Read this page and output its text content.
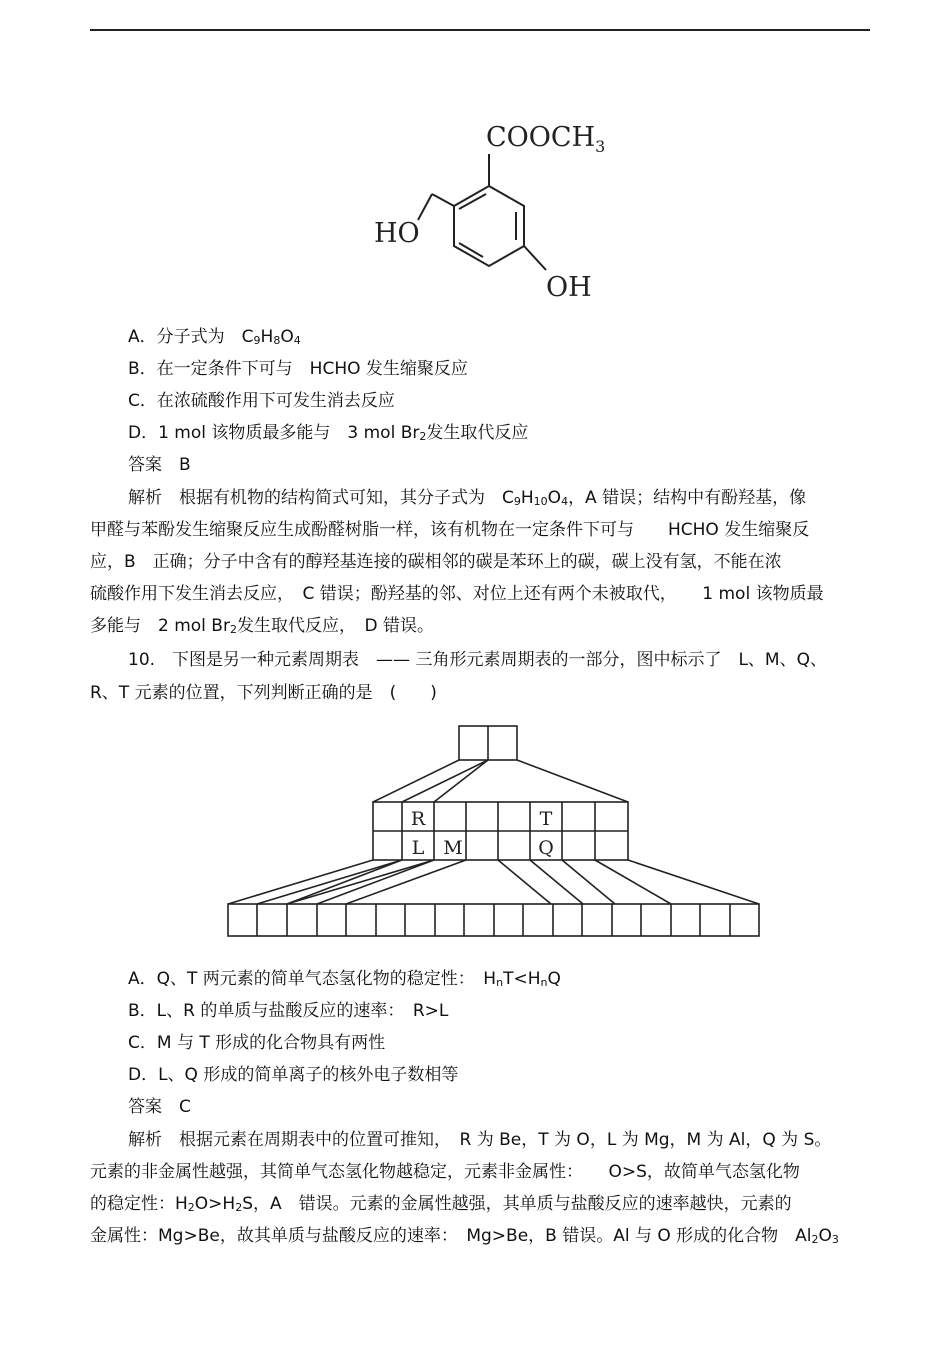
$COOCH_3$
HO
OH
A．分子式为　 $C_9H_8O_4$
B．在一定条件下可与　HCHO 发生缩聚反应
C．在浓硫酸作用下可发生消去反应
D．1 mol 该物质最多能与　3 mol $Br_2$发生取代反应
答案　B
解析　根据有机物的结构简式可知，其分子式为　$C_9H_{10}O_4$，A 错误；结构中有酚羟基，像
甲醛与苯酚发生缩聚反应生成酚醛树脂一样，该有机物在一定条件下可与　　HCHO 发生缩聚反
应，B　正确；分子中含有的醇羟基连接的碳相邻的碳是苯环上的碳，碳上没有氢，不能在浓
硫酸作用下发生消去反应，　C 错误；酚羟基的邻、对位上还有两个未被取代，　　1 mol 该物质最
多能与　2 mol $Br_2$发生取代反应，　D 错误。
10.　下图是另一种元素周期表　—— 三角形元素周期表的一部分，图中标示了　L、M、Q、
R、T 元素的位置，下列判断正确的是　(　　)
R	T
L M	Q
A．Q、T 两元素的简单气态氢化物的稳定性：　$H_nT<H_nQ$
B．L、R 的单质与盐酸反应的速率：　R>L
C．M 与 T 形成的化合物具有两性
D．L、Q 形成的简单离子的核外电子数相等
答案　C
解析　根据元素在周期表中的位置可推知，　R 为 Be，T 为 O，L 为 Mg，M 为 Al，Q 为 S。
元素的非金属性越强，其简单气态氢化物越稳定，元素非金属性：　　O>S，故简单气态氢化物
的稳定性：$H_2O>H_2S$，A　错误。元素的金属性越强，其单质与盐酸反应的速率越快，元素的
金属性：Mg>Be，故其单质与盐酸反应的速率：　Mg>Be，B 错误。Al 与 O 形成的化合物　$Al_2O_3$
